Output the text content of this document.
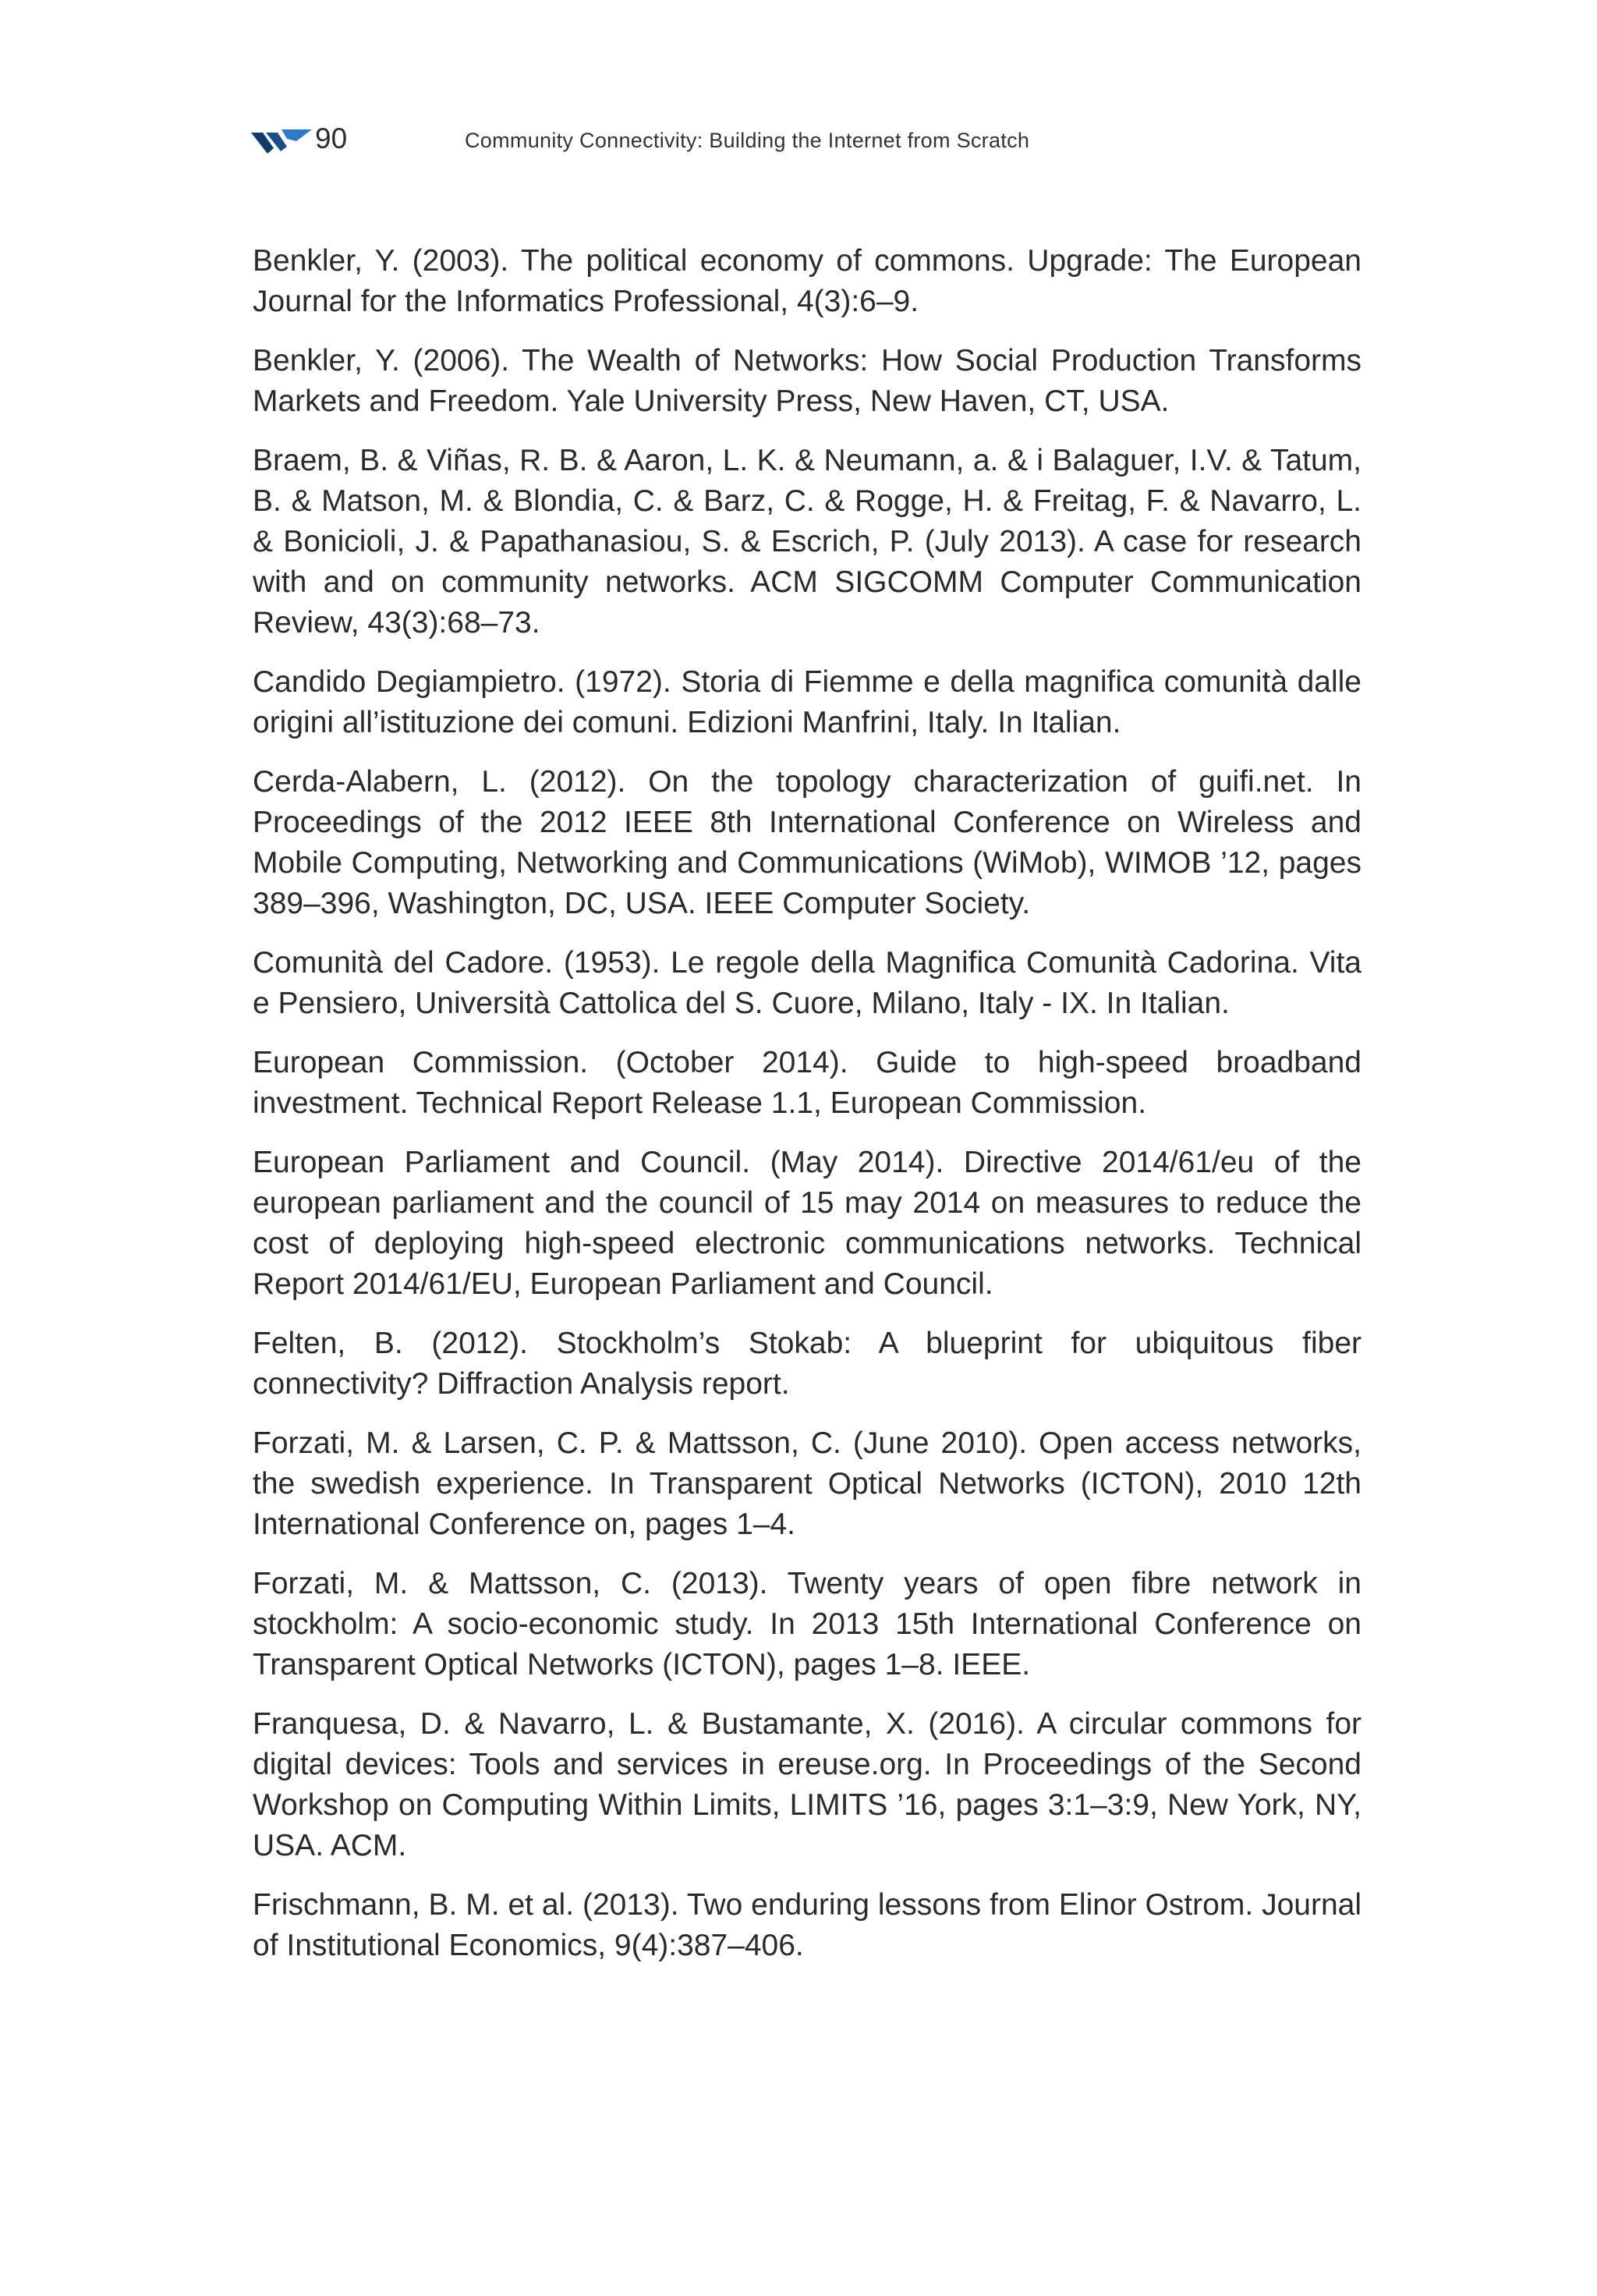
90	Community Connectivity: Building the Internet from Scratch

Benkler, Y. (2003). The political economy of commons. Upgrade: The European Journal for the Informatics Professional, 4(3):6–9.

Benkler, Y. (2006). The Wealth of Networks: How Social Production Transforms Markets and Freedom. Yale University Press, New Haven, CT, USA.

Braem, B. & Viñas, R. B. & Aaron, L. K. & Neumann, a. & i Balaguer, I.V. & Tatum, B. & Matson, M. & Blondia, C. & Barz, C. & Rogge, H. & Freitag, F. & Navarro, L. & Bonicioli, J. & Papathanasiou, S. & Escrich, P. (July 2013). A case for research with and on community networks. ACM SIGCOMM Computer Communication Review, 43(3):68–73.

Candido Degiampietro. (1972). Storia di Fiemme e della magnifica comunità dalle origini all’istituzione dei comuni. Edizioni Manfrini, Italy. In Italian.

Cerda-Alabern, L. (2012). On the topology characterization of guifi.net. In Proceedings of the 2012 IEEE 8th International Conference on Wireless and Mobile Computing, Networking and Communications (WiMob), WIMOB ’12, pages 389–396, Washington, DC, USA. IEEE Computer Society.

Comunità del Cadore. (1953). Le regole della Magnifica Comunità Cadorina. Vita e Pensiero, Università Cattolica del S. Cuore, Milano, Italy - IX. In Italian.

European Commission. (October 2014). Guide to high-speed broadband investment. Technical Report Release 1.1, European Commission.

European Parliament and Council. (May 2014). Directive 2014/61/eu of the european parliament and the council of 15 may 2014 on measures to reduce the cost of deploying high-speed electronic communications networks. Technical Report 2014/61/EU, European Parliament and Council.

Felten, B. (2012). Stockholm’s Stokab: A blueprint for ubiquitous fiber connectivity? Diffraction Analysis report.

Forzati, M. & Larsen, C. P. & Mattsson, C. (June 2010). Open access networks, the swedish experience. In Transparent Optical Networks (ICTON), 2010 12th International Conference on, pages 1–4.

Forzati, M. & Mattsson, C. (2013). Twenty years of open fibre network in stockholm: A socio-economic study. In 2013 15th International Conference on Transparent Optical Networks (ICTON), pages 1–8. IEEE.

Franquesa, D. & Navarro, L. & Bustamante, X. (2016). A circular commons for digital devices: Tools and services in ereuse.org. In Proceedings of the Second Workshop on Computing Within Limits, LIMITS ’16, pages 3:1–3:9, New York, NY, USA. ACM.

Frischmann, B. M. et al. (2013). Two enduring lessons from Elinor Ostrom. Journal of Institutional Economics, 9(4):387–406.
